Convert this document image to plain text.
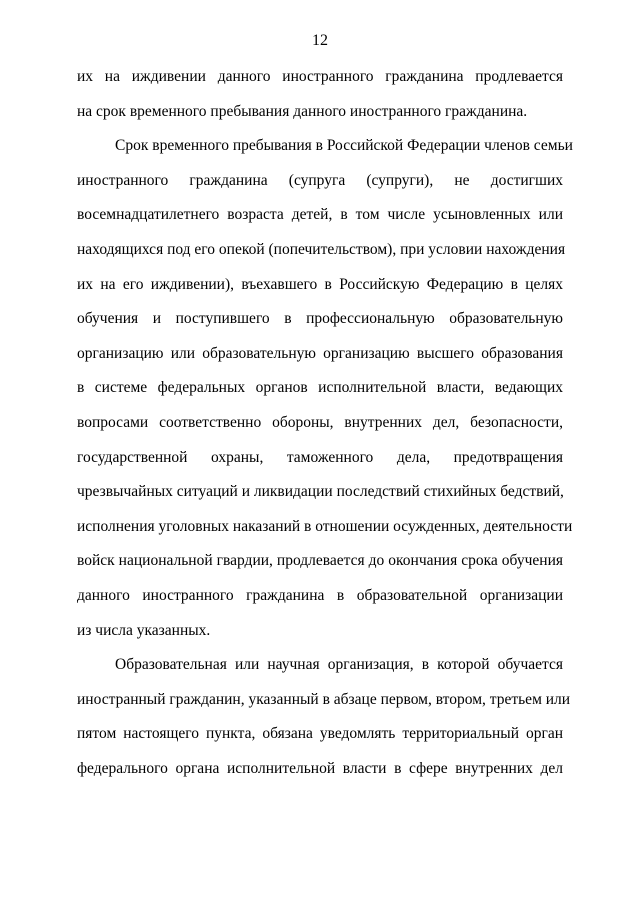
12
их на иждивении данного иностранного гражданина продлевается
на срок временного пребывания данного иностранного гражданина.
Срок временного пребывания в Российской Федерации членов семьи
иностранного гражданина (супруга (супруги), не достигших
восемнадцатилетнего возраста детей, в том числе усыновленных или
находящихся под его опекой (попечительством), при условии нахождения
их на его иждивении), въехавшего в Российскую Федерацию в целях
обучения и поступившего в профессиональную образовательную
организацию или образовательную организацию высшего образования
в системе федеральных органов исполнительной власти, ведающих
вопросами соответственно обороны, внутренних дел, безопасности,
государственной охраны, таможенного дела, предотвращения
чрезвычайных ситуаций и ликвидации последствий стихийных бедствий,
исполнения уголовных наказаний в отношении осужденных, деятельности
войск национальной гвардии, продлевается до окончания срока обучения
данного иностранного гражданина в образовательной организации
из числа указанных.
Образовательная или научная организация, в которой обучается
иностранный гражданин, указанный в абзаце первом, втором, третьем или
пятом настоящего пункта, обязана уведомлять территориальный орган
федерального органа исполнительной власти в сфере внутренних дел
